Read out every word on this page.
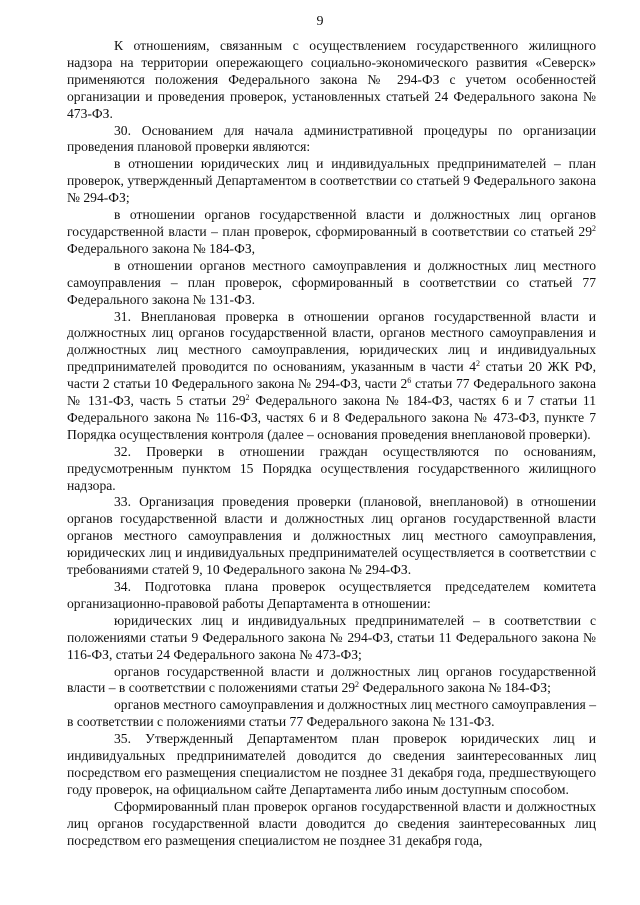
9

К отношениям, связанным с осуществлением государственного жилищного надзора на территории опережающего социально-экономического развития «Северск» применяются положения Федерального закона № 294-ФЗ с учетом особенностей организации и проведения проверок, установленных статьей 24 Федерального закона № 473-ФЗ.

30. Основанием для начала административной процедуры по организации проведения плановой проверки являются:

в отношении юридических лиц и индивидуальных предпринимателей – план проверок, утвержденный Департаментом в соответствии со статьей 9 Федерального закона № 294-ФЗ;

в отношении органов государственной власти и должностных лиц органов государственной власти – план проверок, сформированный в соответствии со статьей $29^2$ Федерального закона № 184-ФЗ,

в отношении органов местного самоуправления и должностных лиц местного самоуправления – план проверок, сформированный в соответствии со статьей 77 Федерального закона № 131-ФЗ.

31. Внеплановая проверка в отношении органов государственной власти и должностных лиц органов государственной власти, органов местного самоуправления и должностных лиц местного самоуправления, юридических лиц и индивидуальных предпринимателей проводится по основаниям, указанным в части $4^2$ статьи 20 ЖК РФ, части 2 статьи 10 Федерального закона № 294-ФЗ, части $2^6$ статьи 77 Федерального закона № 131-ФЗ, часть 5 статьи $29^2$ Федерального закона № 184-ФЗ, частях 6 и 7 статьи 11 Федерального закона № 116-ФЗ, частях 6 и 8 Федерального закона № 473-ФЗ, пункте 7 Порядка осуществления контроля (далее – основания проведения внеплановой проверки).

32. Проверки в отношении граждан осуществляются по основаниям, предусмотренным пунктом 15 Порядка осуществления государственного жилищного надзора.

33. Организация проведения проверки (плановой, внеплановой) в отношении органов государственной власти и должностных лиц органов государственной власти органов местного самоуправления и должностных лиц местного самоуправления, юридических лиц и индивидуальных предпринимателей осуществляется в соответствии с требованиями статей 9, 10 Федерального закона № 294-ФЗ.

34. Подготовка плана проверок осуществляется председателем комитета организационно-правовой работы Департамента в отношении:

юридических лиц и индивидуальных предпринимателей – в соответствии с положениями статьи 9 Федерального закона № 294-ФЗ, статьи 11 Федерального закона № 116-ФЗ, статьи 24 Федерального закона № 473-ФЗ;

органов государственной власти и должностных лиц органов государственной власти – в соответствии с положениями статьи $29^2$ Федерального закона № 184-ФЗ;

органов местного самоуправления и должностных лиц местного самоуправления – в соответствии с положениями статьи 77 Федерального закона № 131-ФЗ.

35. Утвержденный Департаментом план проверок юридических лиц и индивидуальных предпринимателей доводится до сведения заинтересованных лиц посредством его размещения специалистом не позднее 31 декабря года, предшествующего году проверок, на официальном сайте Департамента либо иным доступным способом.

Сформированный план проверок органов государственной власти и должностных лиц органов государственной власти доводится до сведения заинтересованных лиц посредством его размещения специалистом не позднее 31 декабря года,
